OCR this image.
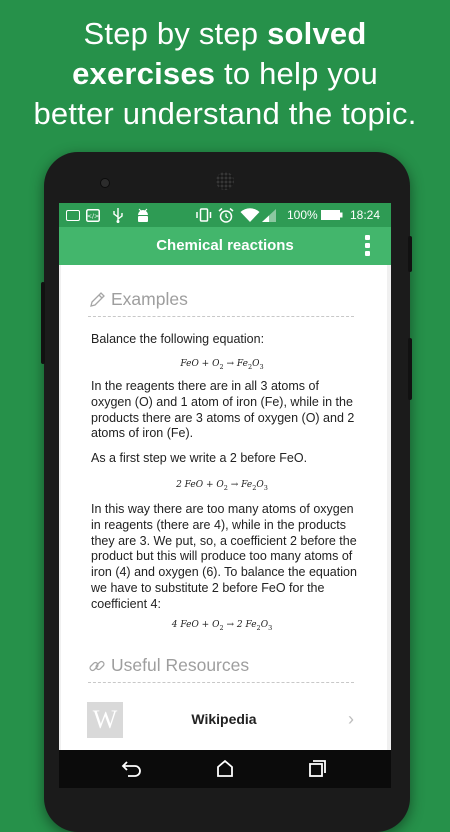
Step by step solved
exercises to help you
better understand the topic.
</>	100%	18:24
Chemical reactions
Examples
Balance the following equation:
FeO + $O_2 \to Fe_2O_3$
In the reagents there are in all 3 atoms of oxygen (O) and 1 atom of iron (Fe), while in the products there are 3 atoms of oxygen (O) and 2 atoms of iron (Fe).
As a first step we write a 2 before FeO.
2 FeO + $O_2 \to Fe_2O_3$
In this way there are too many atoms of oxygen in reagents (there are 4), while in the products they are 3. We put, so, a coefficient 2 before the product but this will produce too many atoms of iron (4) and oxygen (6). To balance the equation we have to substitute 2 before FeO for the coefficient 4:
4 FeO + $O_2 \to 2$ $Fe_2O_3$
Useful Resources
W	Wikipedia	›
